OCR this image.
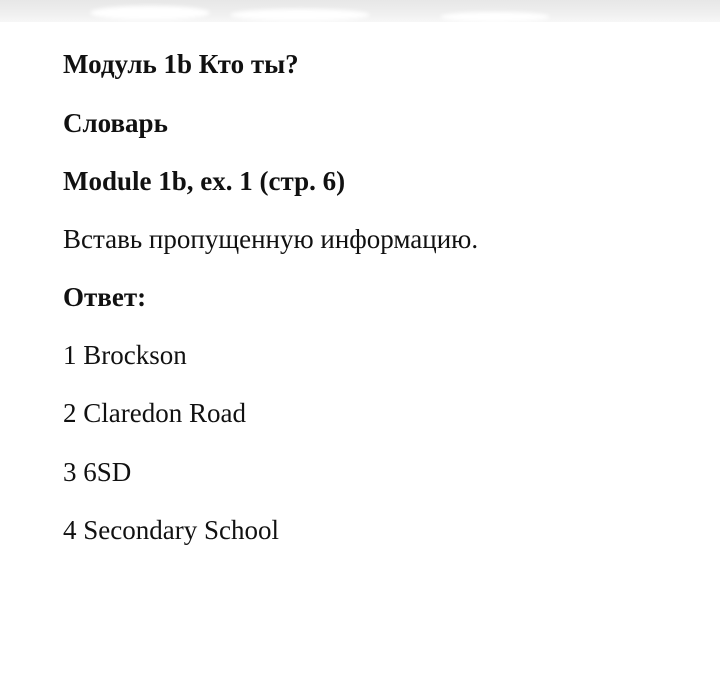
Модуль 1b Кто ты?
Словарь
Module 1b, ex. 1 (стр. 6)
Вставь пропущенную информацию.
Ответ:
1 Brockson
2 Claredon Road
3 6SD
4 Secondary School
